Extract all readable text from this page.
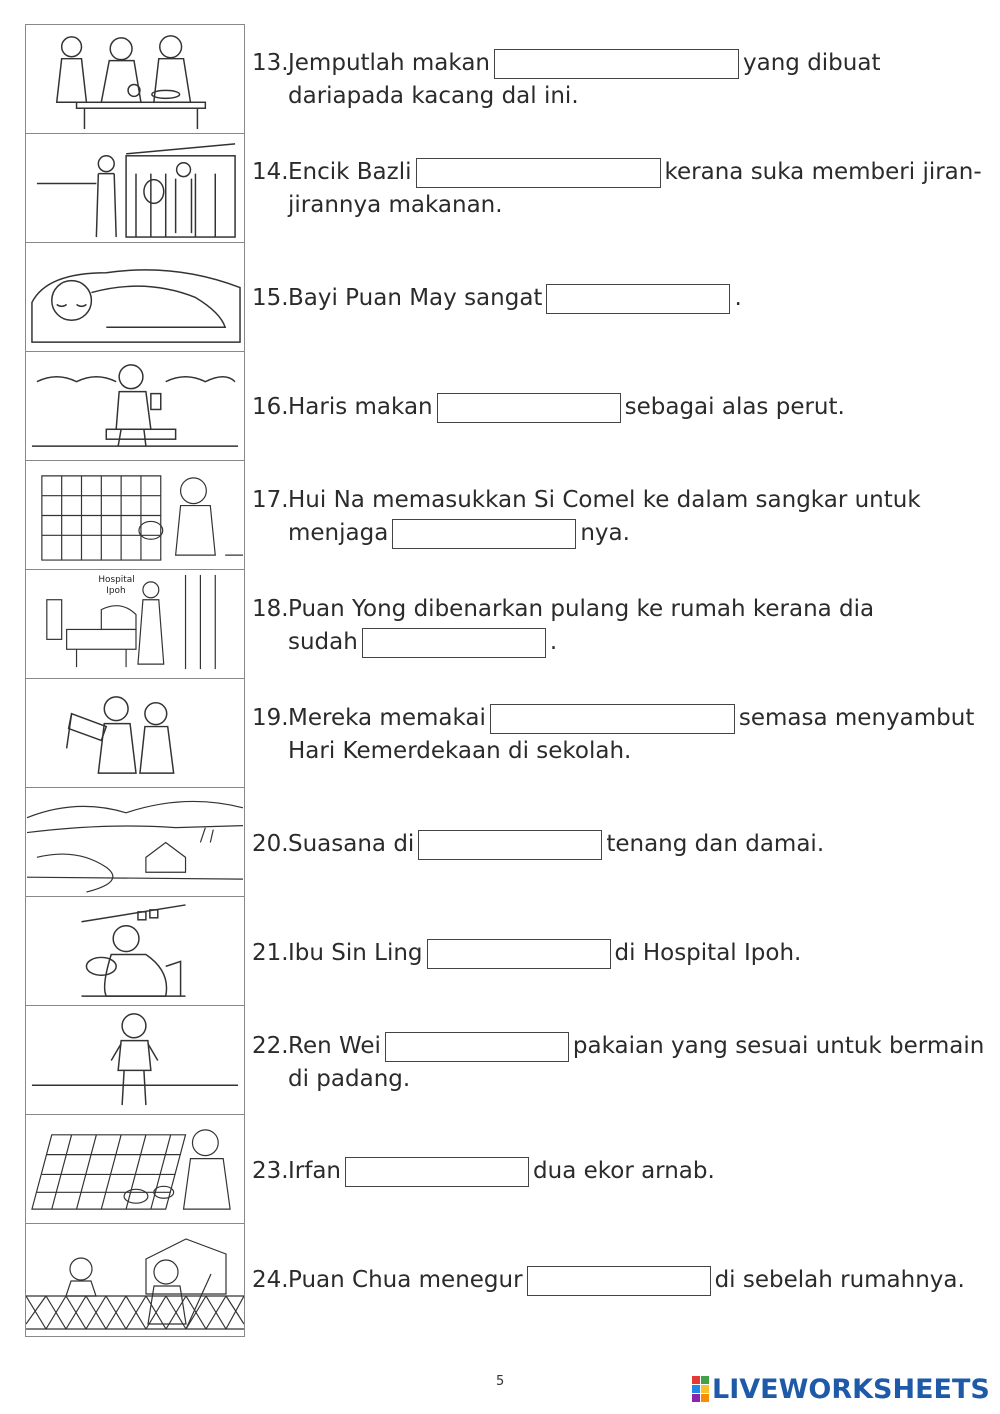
Hospital
Ipoh
13.Jemputlah makan	yang dibuat
dariapada kacang dal ini.
14.Encik Bazli	kerana suka memberi jiran-
jirannya makanan.
15.Bayi Puan May sangat	.
16.Haris makan	sebagai alas perut.
17.Hui Na memasukkan Si Comel ke dalam sangkar untuk
menjaga	nya.
18.Puan Yong dibenarkan pulang ke rumah kerana dia
sudah	.
19.Mereka memakai	semasa menyambut
Hari Kemerdekaan di sekolah.
20.Suasana di	tenang dan damai.
21.Ibu Sin Ling	di Hospital Ipoh.
22.Ren Wei	pakaian yang sesuai untuk bermain
di padang.
23.Irfan	dua ekor arnab.
24.Puan Chua menegur	di sebelah rumahnya.
5	LIVEWORKSHEETS
